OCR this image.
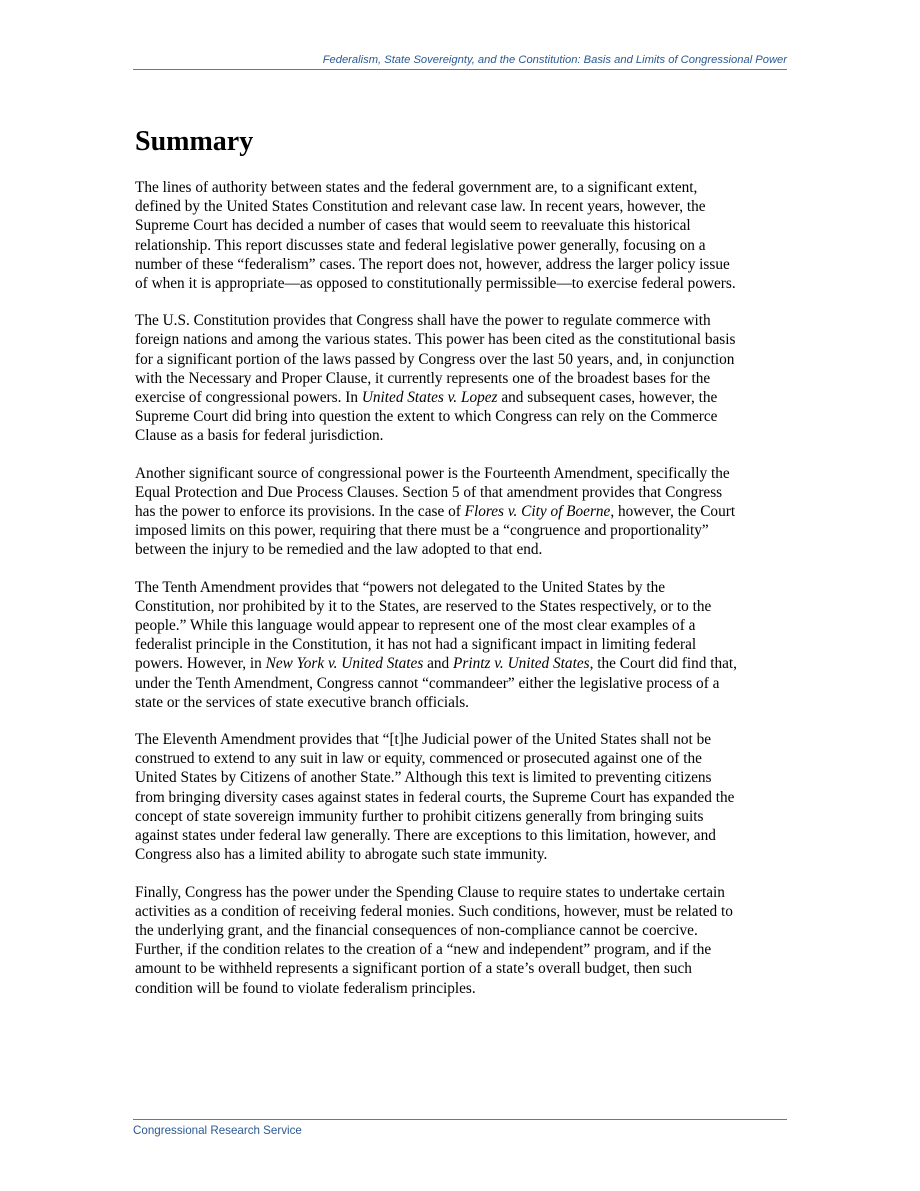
Federalism, State Sovereignty, and the Constitution: Basis and Limits of Congressional Power
Summary

The lines of authority between states and the federal government are, to a significant extent,
defined by the United States Constitution and relevant case law. In recent years, however, the
Supreme Court has decided a number of cases that would seem to reevaluate this historical
relationship. This report discusses state and federal legislative power generally, focusing on a
number of these “federalism” cases. The report does not, however, address the larger policy issue
of when it is appropriate—as opposed to constitutionally permissible—to exercise federal powers.

The U.S. Constitution provides that Congress shall have the power to regulate commerce with
foreign nations and among the various states. This power has been cited as the constitutional basis
for a significant portion of the laws passed by Congress over the last 50 years, and, in conjunction
with the Necessary and Proper Clause, it currently represents one of the broadest bases for the
exercise of congressional powers. In United States v. Lopez and subsequent cases, however, the
Supreme Court did bring into question the extent to which Congress can rely on the Commerce
Clause as a basis for federal jurisdiction.

Another significant source of congressional power is the Fourteenth Amendment, specifically the
Equal Protection and Due Process Clauses. Section 5 of that amendment provides that Congress
has the power to enforce its provisions. In the case of Flores v. City of Boerne, however, the Court
imposed limits on this power, requiring that there must be a “congruence and proportionality”
between the injury to be remedied and the law adopted to that end.

The Tenth Amendment provides that “powers not delegated to the United States by the
Constitution, nor prohibited by it to the States, are reserved to the States respectively, or to the
people.” While this language would appear to represent one of the most clear examples of a
federalist principle in the Constitution, it has not had a significant impact in limiting federal
powers. However, in New York v. United States and Printz v. United States, the Court did find that,
under the Tenth Amendment, Congress cannot “commandeer” either the legislative process of a
state or the services of state executive branch officials.

The Eleventh Amendment provides that “[t]he Judicial power of the United States shall not be
construed to extend to any suit in law or equity, commenced or prosecuted against one of the
United States by Citizens of another State.” Although this text is limited to preventing citizens
from bringing diversity cases against states in federal courts, the Supreme Court has expanded the
concept of state sovereign immunity further to prohibit citizens generally from bringing suits
against states under federal law generally. There are exceptions to this limitation, however, and
Congress also has a limited ability to abrogate such state immunity.

Finally, Congress has the power under the Spending Clause to require states to undertake certain
activities as a condition of receiving federal monies. Such conditions, however, must be related to
the underlying grant, and the financial consequences of non-compliance cannot be coercive.
Further, if the condition relates to the creation of a “new and independent” program, and if the
amount to be withheld represents a significant portion of a state’s overall budget, then such
condition will be found to violate federalism principles.

Congressional Research Service
